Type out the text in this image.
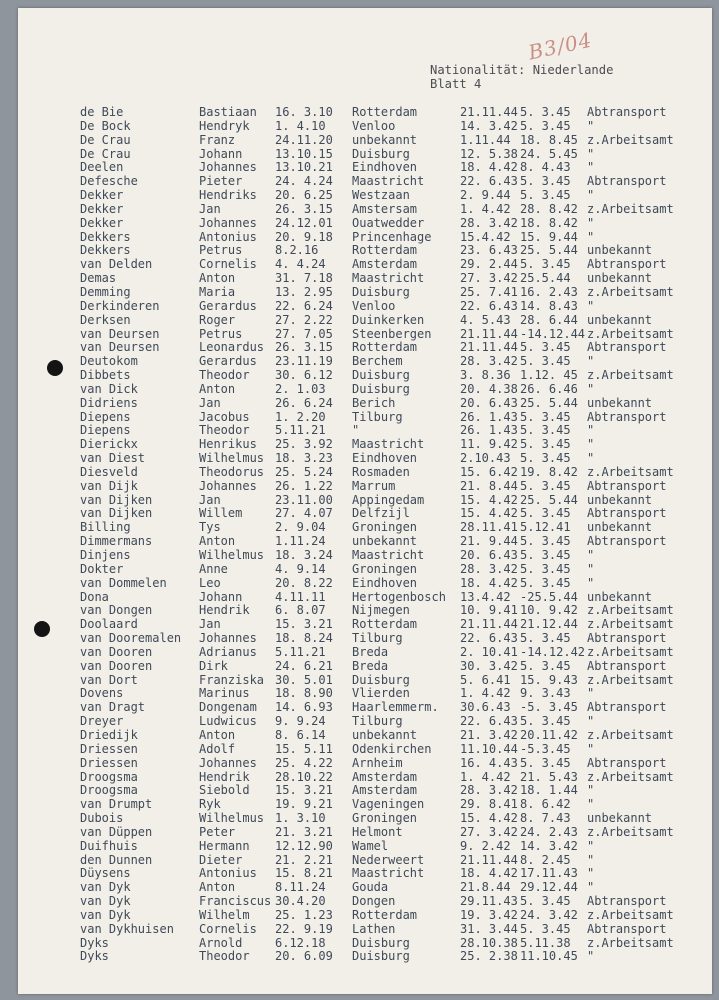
B3/04
Nationalität: Niederlande
Blatt 4
de Bie	Bastiaan 16. 3.10 Rotterdam	21.11.44 5. 3.45 Abtransport
De Bock	Hendryk 1. 4.10 Venloo	14. 3.42 5. 3.45 "
De Crau	Franz	24.11.20 unbekannt	1.11.44 18. 8.45 z.Arbeitsamt
De Crau	Johann	13.10.15 Duisburg	12. 5.38 24. 5.45 "
Deelen	Johannes 13.10.21 Eindhoven	18. 4.42 8. 4.43 "
Defesche	Pieter	24. 4.24 Maastricht	22. 6.43 5. 3.45 Abtransport
Dekker	Hendriks 20. 6.25 Westzaan	2. 9.44 5. 3.45 "
Dekker	Jan	26. 3.15 Amstersam	1. 4.42 28. 8.42 z.Arbeitsamt
Dekker	Johannes 24.12.01 Ouatwedder	28. 3.42 18. 8.42 "
Dekkers	Antonius 20. 9.18 Princenhage 15.4.42 15. 9.44 "
Dekkers	Petrus	8.2.16	Rotterdam	23. 6.43 25. 5.44 unbekannt
van Delden	Cornelis 4. 4.24 Amsterdam	29. 2.44 5. 3.45 Abtransport
Demas	Anton	31. 7.18 Maastricht	27. 3.42 25.5.44 unbekannt
Demming	Maria	13. 2.95 Duisburg	25. 7.41 16. 2.43 z.Arbeitsamt
Derkinderen	Gerardus 22. 6.24 Venloo	22. 6.43 14. 8.43 "
Derksen	Roger	27. 2.22 Duinkerken	4. 5.43 28. 6.44 unbekannt
van Deursen	Petrus	27. 7.05 Steenbergen 21.11.44 -14.12.44 z.Arbeitsamt
van Deursen	Leonardus 26. 3.15 Rotterdam	21.11.44 5. 3.45 Abtransport
Deutokom	Gerardus 23.11.19 Berchem	28. 3.42 5. 3.45 "
Dibbets	Theodor 30. 6.12 Duisburg	3. 8.36 1.12. 45 z.Arbeitsamt
van Dick	Anton	2. 1.03 Duisburg	20. 4.38 26. 6.46 "
Didriens	Jan	26. 6.24 Berich	20. 6.43 25. 5.44 unbekannt
Diepens	Jacobus 1. 2.20 Tilburg	26. 1.43 5. 3.45 Abtransport
Diepens	Theodor 5.11.21 "	26. 1.43 5. 3.45 "
Dierickx	Henrikus 25. 3.92 Maastricht	11. 9.42 5. 3.45 "
van Diest	Wilhelmus 18. 3.23 Eindhoven	2.10.43 5. 3.45 "
Diesveld	Theodorus 25. 5.24 Rosmaden	15. 6.42 19. 8.42 z.Arbeitsamt
van Dijk	Johannes 26. 1.22 Marrum	21. 8.44 5. 3.45 Abtransport
van Dijken	Jan	23.11.00 Appingedam	15. 4.42 25. 5.44 unbekannt
van Dijken	Willem	27. 4.07 Delfzijl	15. 4.42 5. 3.45 Abtransport
Billing	Tys	2. 9.04 Groningen	28.11.41 5.12.41 unbekannt
Dimmermans	Anton	1.11.24 unbekannt	21. 9.44 5. 3.45 Abtransport
Dinjens	Wilhelmus 18. 3.24 Maastricht	20. 6.43 5. 3.45 "
Dokter	Anne	4. 9.14 Groningen	28. 3.42 5. 3.45 "
van Dommelen	Leo	20. 8.22 Eindhoven	18. 4.42 5. 3.45 "
Dona	Johann	4.11.11 Hertogenbosch 13.4.42 -25.5.44 unbekannt
van Dongen	Hendrik 6. 8.07 Nijmegen	10. 9.41 10. 9.42 z.Arbeitsamt
Doolaard	Jan	15. 3.21 Rotterdam	21.11.44 21.12.44 z.Arbeitsamt
van Dooremalen Johannes 18. 8.24 Tilburg	22. 6.43 5. 3.45 Abtransport
van Dooren	Adrianus 5.11.21 Breda	2. 10.41 -14.12.42 z.Arbeitsamt
van Dooren	Dirk	24. 6.21 Breda	30. 3.42 5. 3.45 Abtransport
van Dort	Franziska 30. 5.01 Duisburg	5. 6.41 15. 9.43 z.Arbeitsamt
Dovens	Marinus 18. 8.90 Vlierden	1. 4.42 9. 3.43 "
van Dragt	Dongenam 14. 6.93 Haarlemmerm. 30.6.43 -5. 3.45 Abtransport
Dreyer	Ludwicus 9. 9.24 Tilburg	22. 6.43 5. 3.45 "
Driedijk	Anton	8. 6.14 unbekannt	21. 3.42 20.11.42 z.Arbeitsamt
Driessen	Adolf	15. 5.11 Odenkirchen 11.10.44 -5.3.45 "
Driessen	Johannes 25. 4.22 Arnheim	16. 4.43 5. 3.45 Abtransport
Droogsma	Hendrik 28.10.22 Amsterdam	1. 4.42 21. 5.43 z.Arbeitsamt
Droogsma	Siebold 15. 3.21 Amsterdam	28. 3.42 18. 1.44 "
van Drumpt	Ryk	19. 9.21 Vageningen	29. 8.41 8. 6.42 "
Dubois	Wilhelmus 1. 3.10 Groningen	15. 4.42 8. 7.43 unbekannt
van Düppen	Peter	21. 3.21 Helmont	27. 3.42 24. 2.43 z.Arbeitsamt
Duifhuis	Hermann 12.12.90 Wamel	9. 2.42 14. 3.42 "
den Dunnen	Dieter	21. 2.21 Nederweert	21.11.44 8. 2.45 "
Düysens	Antonius 15. 8.21 Maastricht	18. 4.42 17.11.43 "
van Dyk	Anton	8.11.24 Gouda	21.8.44 29.12.44 "
van Dyk	Franciscus 30.4.20 Dongen	29.11.43 5. 3.45 Abtransport
van Dyk	Wilhelm 25. 1.23 Rotterdam	19. 3.42 24. 3.42 z.Arbeitsamt
van Dykhuisen Cornelis 22. 9.19 Lathen	31. 3.44 5. 3.45 Abtransport
Dyks	Arnold	6.12.18 Duisburg	28.10.38 5.11.38 z.Arbeitsamt
Dyks	Theodor 20. 6.09 Duisburg	25. 2.38 11.10.45 "
